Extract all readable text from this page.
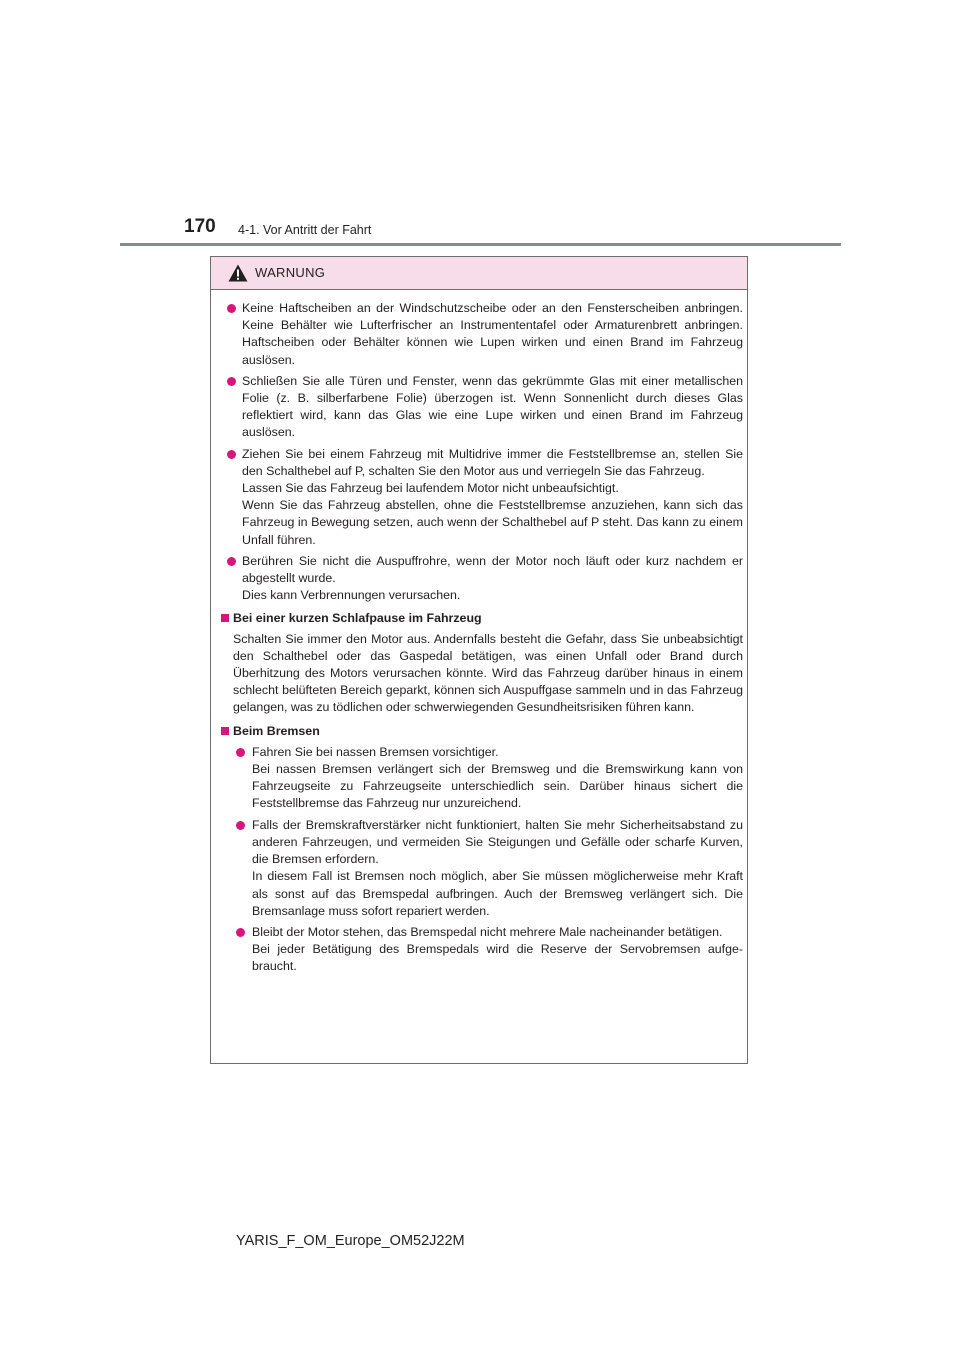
170 4-1. Vor Antritt der Fahrt
WARNUNG
Keine Haftscheiben an der Windschutzscheibe oder an den Fensterscheiben anbringen. Keine Behälter wie Lufterfrischer an Instrumententafel oder Armaturenbrett anbringen. Haftscheiben oder Behälter können wie Lupen wirken und einen Brand im Fahrzeug auslösen.
Schließen Sie alle Türen und Fenster, wenn das gekrümmte Glas mit einer metallischen Folie (z. B. silberfarbene Folie) überzogen ist. Wenn Sonnenlicht durch dieses Glas reflektiert wird, kann das Glas wie eine Lupe wirken und einen Brand im Fahrzeug auslösen.
Ziehen Sie bei einem Fahrzeug mit Multidrive immer die Feststellbremse an, stellen Sie den Schalthebel auf P, schalten Sie den Motor aus und verriegeln Sie das Fahrzeug.
Lassen Sie das Fahrzeug bei laufendem Motor nicht unbeaufsichtigt.
Wenn Sie das Fahrzeug abstellen, ohne die Feststellbremse anzuziehen, kann sich das Fahrzeug in Bewegung setzen, auch wenn der Schalthebel auf P steht. Das kann zu einem Unfall führen.
Berühren Sie nicht die Auspuffrohre, wenn der Motor noch läuft oder kurz nachdem er abgestellt wurde.
Dies kann Verbrennungen verursachen.
Bei einer kurzen Schlafpause im Fahrzeug
Schalten Sie immer den Motor aus. Andernfalls besteht die Gefahr, dass Sie unbeabsichtigt den Schalthebel oder das Gaspedal betätigen, was einen Unfall oder Brand durch Überhitzung des Motors verursachen könnte. Wird das Fahrzeug darüber hinaus in einem schlecht belüfteten Bereich geparkt, können sich Auspuffgase sammeln und in das Fahrzeug gelangen, was zu tödlichen oder schwerwiegenden Gesundheitsrisiken führen kann.
Beim Bremsen
Fahren Sie bei nassen Bremsen vorsichtiger.
Bei nassen Bremsen verlängert sich der Bremsweg und die Bremswirkung kann von Fahrzeugseite zu Fahrzeugseite unterschiedlich sein. Darüber hinaus sichert die Feststellbremse das Fahrzeug nur unzureichend.
Falls der Bremskraftverstärker nicht funktioniert, halten Sie mehr Sicherheitsabstand zu anderen Fahrzeugen, und vermeiden Sie Steigungen und Gefälle oder scharfe Kurven, die Bremsen erfordern.
In diesem Fall ist Bremsen noch möglich, aber Sie müssen möglicherweise mehr Kraft als sonst auf das Bremspedal aufbringen. Auch der Bremsweg verlängert sich. Die Bremsanlage muss sofort repariert werden.
Bleibt der Motor stehen, das Bremspedal nicht mehrere Male nacheinander betätigen.
Bei jeder Betätigung des Bremspedals wird die Reserve der Servobremsen aufgebraucht.
YARIS_F_OM_Europe_OM52J22M
